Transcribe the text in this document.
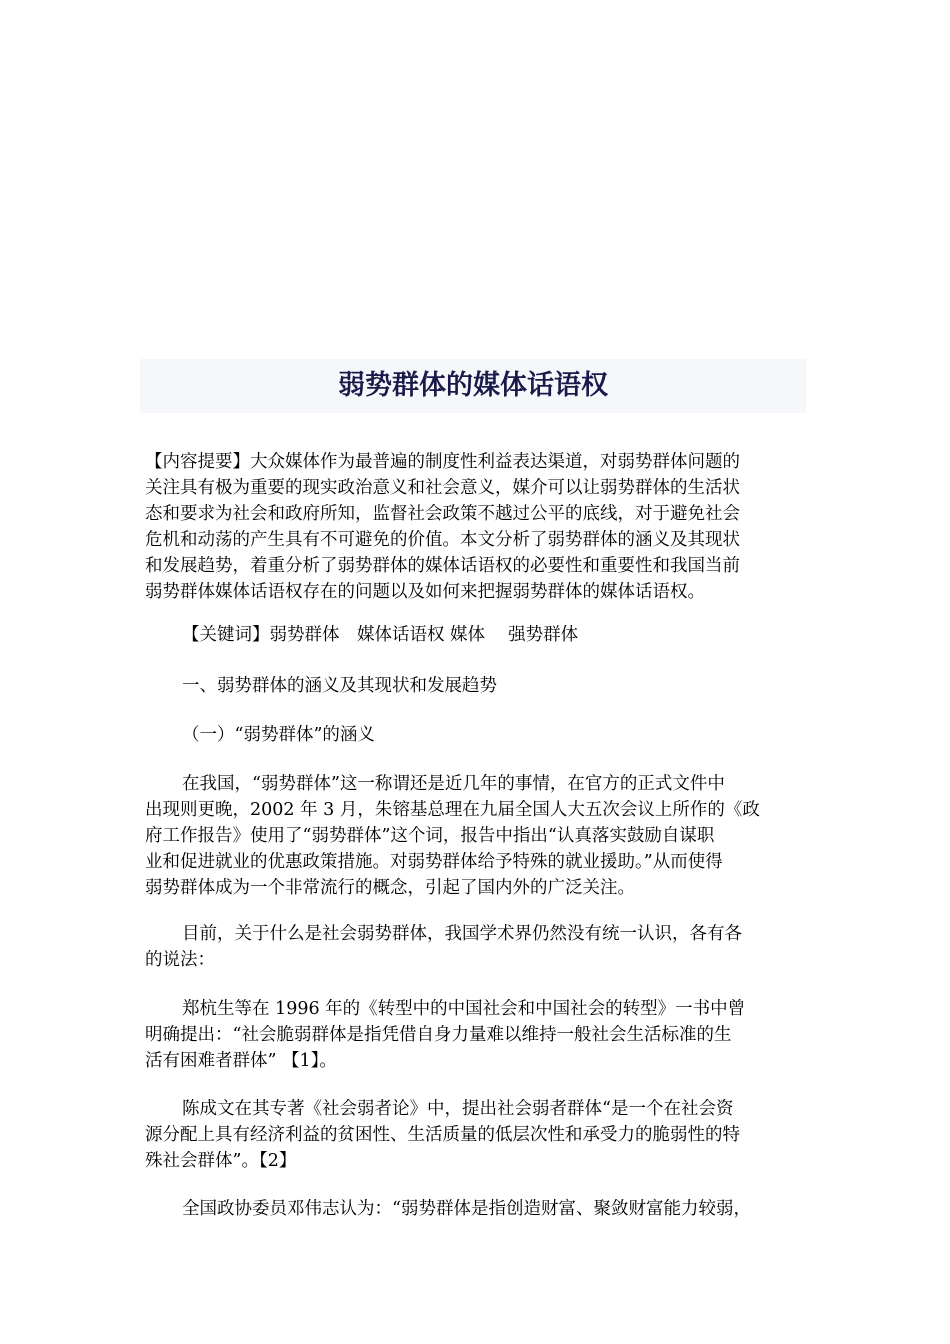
弱势群体的媒体话语权
【内容提要】大众媒体作为最普遍的制度性利益表达渠道，对弱势群体问题的
关注具有极为重要的现实政治意义和社会意义，媒介可以让弱势群体的生活状
态和要求为社会和政府所知，监督社会政策不越过公平的底线，对于避免社会
危机和动荡的产生具有不可避免的价值。本文分析了弱势群体的涵义及其现状
和发展趋势，着重分析了弱势群体的媒体话语权的必要性和重要性和我国当前
弱势群体媒体话语权存在的问题以及如何来把握弱势群体的媒体话语权。
【关键词】弱势群体　媒体话语权 媒体　 强势群体
一、弱势群体的涵义及其现状和发展趋势
（一）“弱势群体”的涵义
在我国，“弱势群体”这一称谓还是近几年的事情，在官方的正式文件中
出现则更晚，2002 年 3 月，朱镕基总理在九届全国人大五次会议上所作的《政
府工作报告》使用了“弱势群体”这个词，报告中指出“认真落实鼓励自谋职
业和促进就业的优惠政策措施。对弱势群体给予特殊的就业援助。”从而使得
弱势群体成为一个非常流行的概念，引起了国内外的广泛关注。
目前，关于什么是社会弱势群体，我国学术界仍然没有统一认识，各有各
的说法：
郑杭生等在 1996 年的《转型中的中国社会和中国社会的转型》一书中曾
明确提出：“社会脆弱群体是指凭借自身力量难以维持一般社会生活标准的生
活有困难者群体” 【1】。
陈成文在其专著《社会弱者论》中，提出社会弱者群体“是一个在社会资
源分配上具有经济利益的贫困性、生活质量的低层次性和承受力的脆弱性的特
殊社会群体”。【2】
全国政协委员邓伟志认为：“弱势群体是指创造财富、聚敛财富能力较弱，
